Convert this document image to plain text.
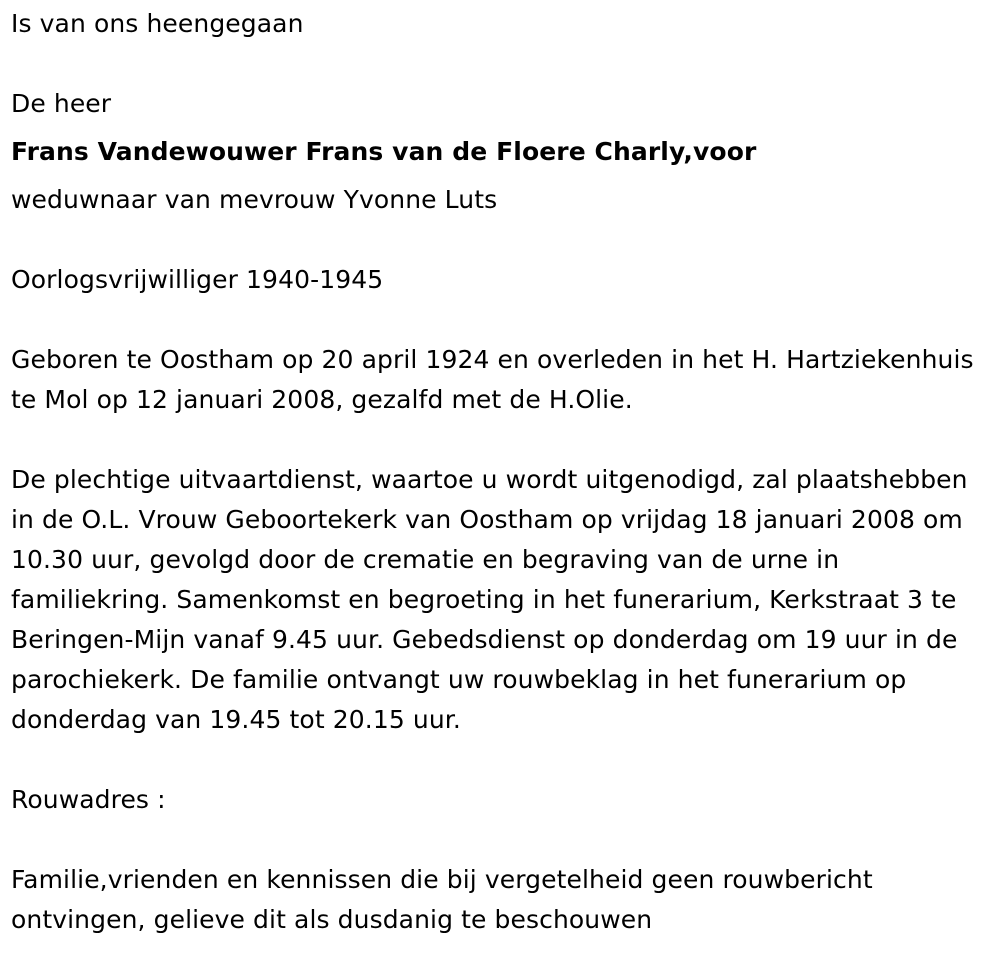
Is van ons heengegaan

De heer

Frans Vandewouwer Frans van de Floere Charly,voor

weduwnaar van mevrouw Yvonne Luts

Oorlogsvrijwilliger 1940-1945

Geboren te Oostham op 20 april 1924 en overleden in het H. Hartziekenhuis te Mol op 12 januari 2008, gezalfd met de H.Olie.

De plechtige uitvaartdienst, waartoe u wordt uitgenodigd, zal plaatshebben in de O.L. Vrouw Geboortekerk van Oostham op vrijdag 18 januari 2008 om 10.30 uur, gevolgd door de crematie en begraving van de urne in familiekring. Samenkomst en begroeting in het funerarium, Kerkstraat 3 te Beringen-Mijn vanaf 9.45 uur. Gebedsdienst op donderdag om 19 uur in de parochiekerk. De familie ontvangt uw rouwbeklag in het funerarium op donderdag van 19.45 tot 20.15 uur.

Rouwadres :

Familie,vrienden en kennissen die bij vergetelheid geen rouwbericht ontvingen, gelieve dit als dusdanig te beschouwen
